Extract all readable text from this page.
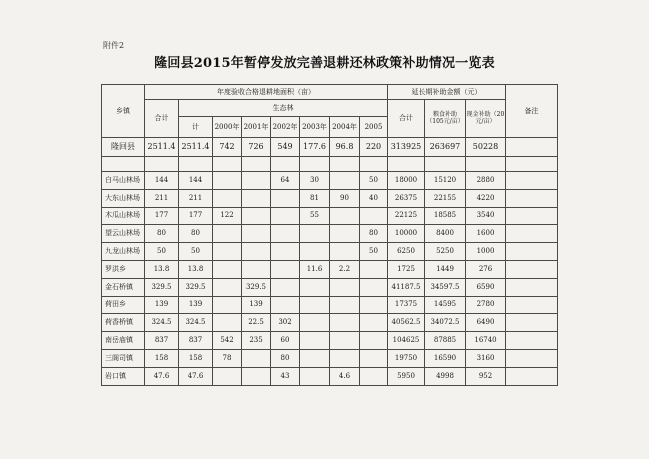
附件2
隆回县2015年暂停发放完善退耕还林政策补助情况一览表
乡镇	年度验收合格退耕地面积（亩）								延长期补助金额（元）			备注
	合计	生态林							合计	粮食补助（105元/亩）	现金补助（20元/亩）	
		计	2000年	2001年	2002年	2003年	2004年	2005				
隆回县	2511.4	2511.4	742	726	549	177.6	96.8	220	313925	263697	50228	

白马山林场	144	144			64	30		50	18000	15120	2880	
大东山林场	211	211				81	90	40	26375	22155	4220	
木瓜山林场	177	177	122			55			22125	18585	3540	
望云山林场	80	80						80	10000	8400	1600	
九龙山林场	50	50						50	6250	5250	1000	
罗洪乡	13.8	13.8				11.6	2.2		1725	1449	276	
金石桥镇	329.5	329.5		329.5					41187.5	34597.5	6590	
荷田乡	139	139		139					17375	14595	2780	
荷香桥镇	324.5	324.5		22.5	302				40562.5	34072.5	6490	
南岳庙镇	837	837	542	235	60				104625	87885	16740	
三阁司镇	158	158	78		80				19750	16590	3160	
岩口镇	47.6	47.6			43		4.6		5950	4998	952	
